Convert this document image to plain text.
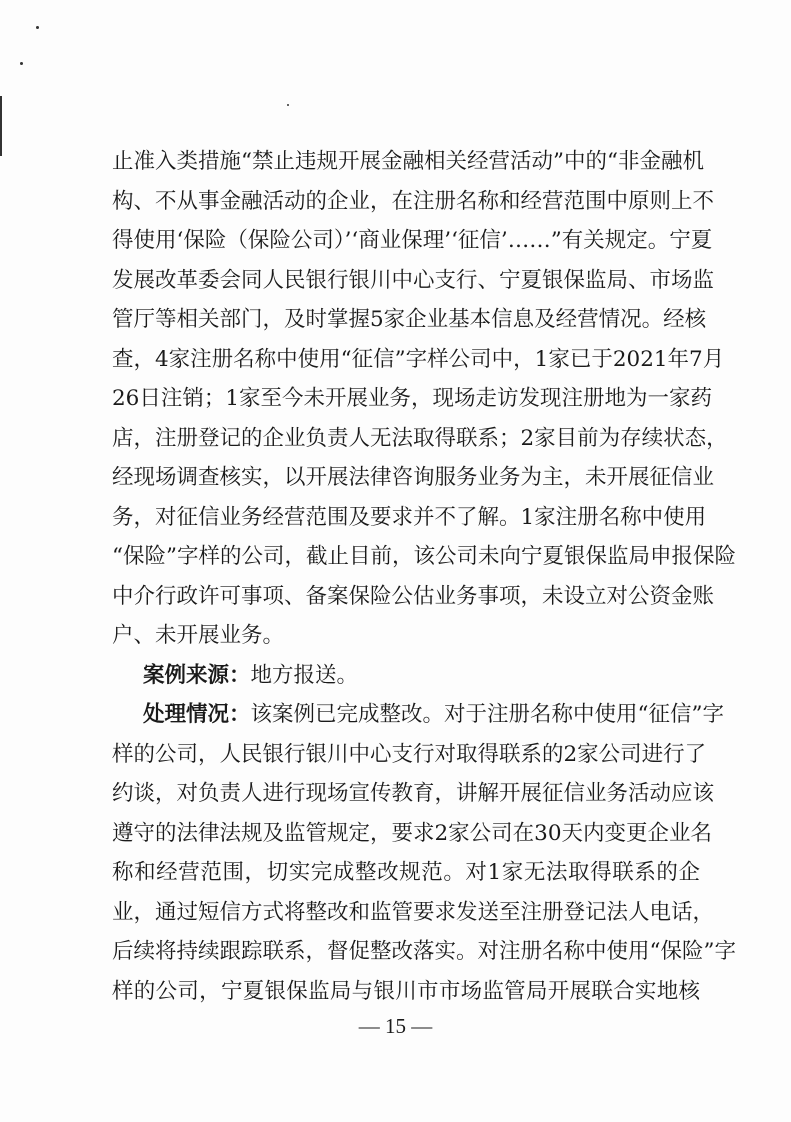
止准入类措施“禁止违规开展金融相关经营活动”中的“非金融机
构、不从事金融活动的企业，在注册名称和经营范围中原则上不
得使用‘保险（保险公司）’‘商业保理’‘征信’……”有关规定。宁夏
发展改革委会同人民银行银川中心支行、宁夏银保监局、市场监
管厅等相关部门，及时掌握5家企业基本信息及经营情况。经核
查，4家注册名称中使用“征信”字样公司中，1家已于2021年7月
26日注销；1家至今未开展业务，现场走访发现注册地为一家药
店，注册登记的企业负责人无法取得联系；2家目前为存续状态，
经现场调查核实，以开展法律咨询服务业务为主，未开展征信业
务，对征信业务经营范围及要求并不了解。1家注册名称中使用
“保险”字样的公司，截止目前，该公司未向宁夏银保监局申报保险
中介行政许可事项、备案保险公估业务事项，未设立对公资金账
户、未开展业务。
案例来源：地方报送。
处理情况：该案例已完成整改。对于注册名称中使用“征信”字
样的公司，人民银行银川中心支行对取得联系的2家公司进行了
约谈，对负责人进行现场宣传教育，讲解开展征信业务活动应该
遵守的法律法规及监管规定，要求2家公司在30天内变更企业名
称和经营范围，切实完成整改规范。对1家无法取得联系的企
业，通过短信方式将整改和监管要求发送至注册登记法人电话，
后续将持续跟踪联系，督促整改落实。对注册名称中使用“保险”字
样的公司，宁夏银保监局与银川市市场监管局开展联合实地核
— 15 —
